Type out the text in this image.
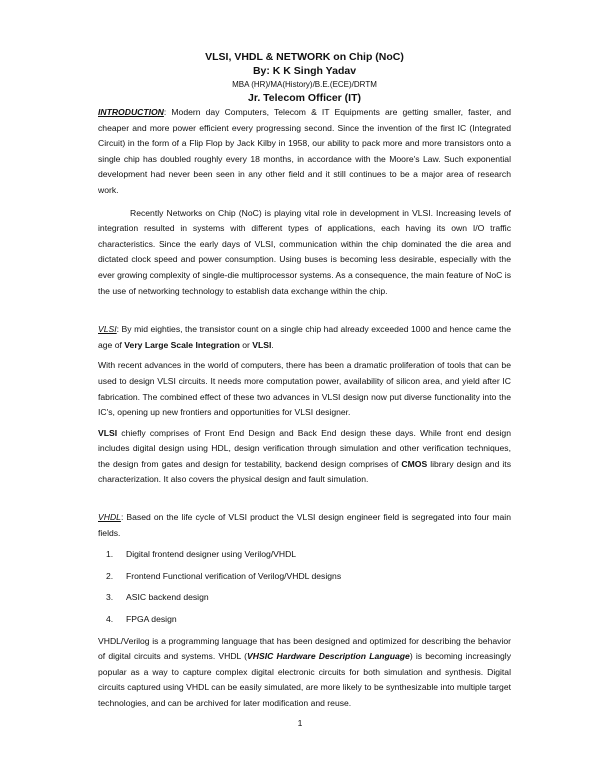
VLSI, VHDL & NETWORK on Chip (NoC)
By: K K Singh Yadav
MBA (HR)/MA(History)/B.E.(ECE)/DRTM
Jr. Telecom Officer (IT)

INTRODUCTION: Modern day Computers, Telecom & IT Equipments are getting smaller, faster, and cheaper and more power efficient every progressing second. Since the invention of the first IC (Integrated Circuit) in the form of a Flip Flop by Jack Kilby in 1958, our ability to pack more and more transistors onto a single chip has doubled roughly every 18 months, in accordance with the Moore's Law. Such exponential development had never been seen in any other field and it still continues to be a major area of research work.

Recently Networks on Chip (NoC) is playing vital role in development in VLSI. Increasing levels of integration resulted in systems with different types of applications, each having its own I/O traffic characteristics. Since the early days of VLSI, communication within the chip dominated the die area and dictated clock speed and power consumption. Using buses is becoming less desirable, especially with the ever growing complexity of single-die multiprocessor systems. As a consequence, the main feature of NoC is the use of networking technology to establish data exchange within the chip.

VLSI: By mid eighties, the transistor count on a single chip had already exceeded 1000 and hence came the age of Very Large Scale Integration or VLSI.

With recent advances in the world of computers, there has been a dramatic proliferation of tools that can be used to design VLSI circuits. It needs more computation power, availability of silicon area, and yield after IC fabrication. The combined effect of these two advances in VLSI design now put diverse functionality into the IC's, opening up new frontiers and opportunities for VLSI designer.

VLSI chiefly comprises of Front End Design and Back End design these days. While front end design includes digital design using HDL, design verification through simulation and other verification techniques, the design from gates and design for testability, backend design comprises of CMOS library design and its characterization. It also covers the physical design and fault simulation.

VHDL: Based on the life cycle of VLSI product the VLSI design engineer field is segregated into four main fields.

1.	Digital frontend designer using Verilog/VHDL
2.	Frontend Functional verification of Verilog/VHDL designs
3.	ASIC backend design
4.	FPGA design

VHDL/Verilog is a programming language that has been designed and optimized for describing the behavior of digital circuits and systems. VHDL (VHSIC Hardware Description Language) is becoming increasingly popular as a way to capture complex digital electronic circuits for both simulation and synthesis. Digital circuits captured using VHDL can be easily simulated, are more likely to be synthesizable into multiple target technologies, and can be archived for later modification and reuse.

1
